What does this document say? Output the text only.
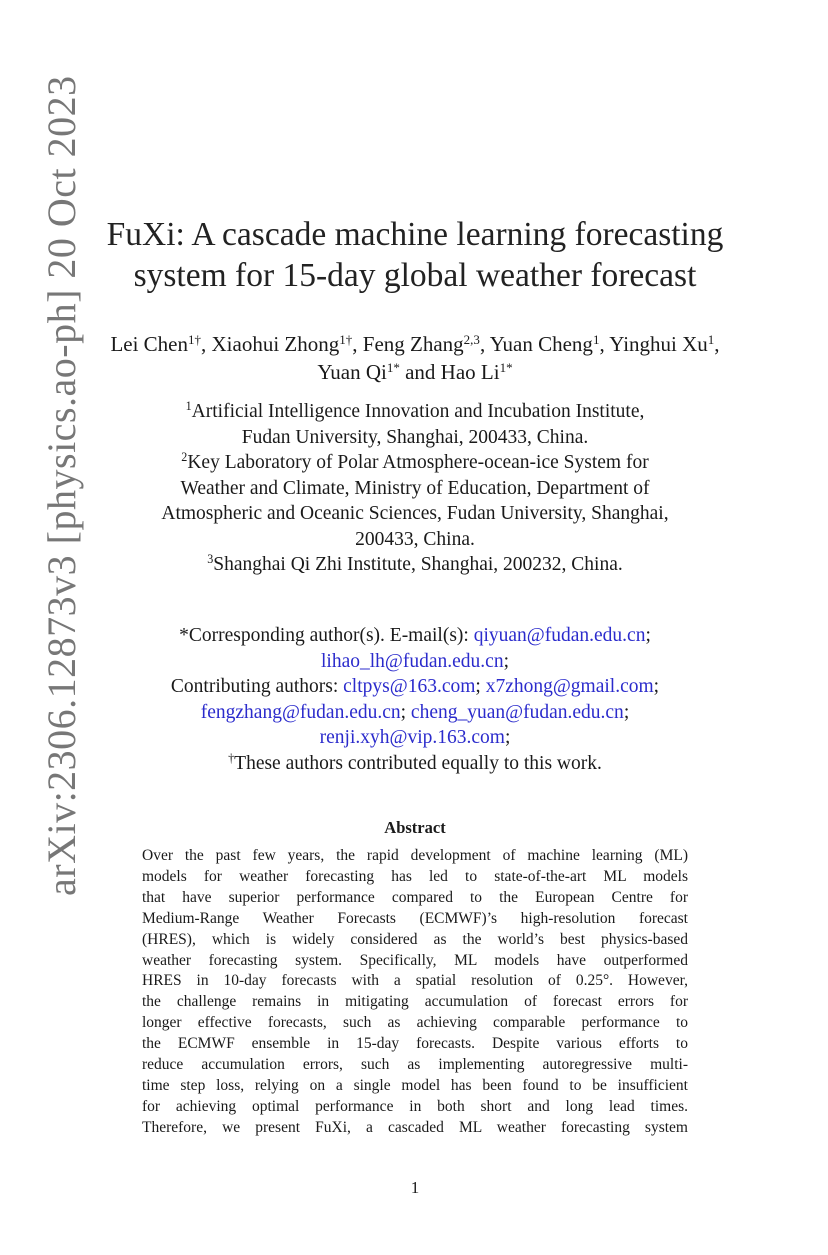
arXiv:2306.12873v3 [physics.ao-ph] 20 Oct 2023 FuXi: A cascade machine learning forecasting
system for 15-day global weather forecast
Lei Chen$^{1\dagger}$, Xiaohui Zhong$^{1\dagger}$, Feng Zhang$^{2,3}$, Yuan Cheng$^1$, Yinghui Xu$^1$, Yuan $Qi^{1*}$ and Hao $Li^{1*}$
$^1$Artificial Intelligence Innovation and Incubation Institute,
Fudan University, Shanghai, 200433, China.
$^2$Key Laboratory of Polar Atmosphere-ocean-ice System for
Weather and Climate, Ministry of Education, Department of
Atmospheric and Oceanic Sciences, Fudan University, Shanghai,
200433, China.
$^3$Shanghai Qi Zhi Institute, Shanghai, 200232, China.
*Corresponding author(s). E-mail(s): qiyuan@fudan.edu.cn;
lihao_lh@fudan.edu.cn;
Contributing authors: cltpys@163.com; x7zhong@gmail.com;
fengzhang@fudan.edu.cn; cheng_yuan@fudan.edu.cn;
renji.xyh@vip.163.com;
†These authors contributed equally to this work.
Abstract
Over the past few years, the rapid development of machine learning (ML)
models for weather forecasting has led to state-of-the-art ML models
that have superior performance compared to the European Centre for
Medium-Range Weather Forecasts (ECMWF)’s high-resolution forecast
(HRES), which is widely considered as the world’s best physics-based
weather forecasting system. Specifically, ML models have outperformed
HRES in 10-day forecasts with a spatial resolution of 0.25°. However,
the challenge remains in mitigating accumulation of forecast errors for
longer effective forecasts, such as achieving comparable performance to
the ECMWF ensemble in 15-day forecasts. Despite various efforts to
reduce accumulation errors, such as implementing autoregressive multi-
time step loss, relying on a single model has been found to be insufficient
for achieving optimal performance in both short and long lead times.
Therefore, we present FuXi, a cascaded ML weather forecasting system
1
